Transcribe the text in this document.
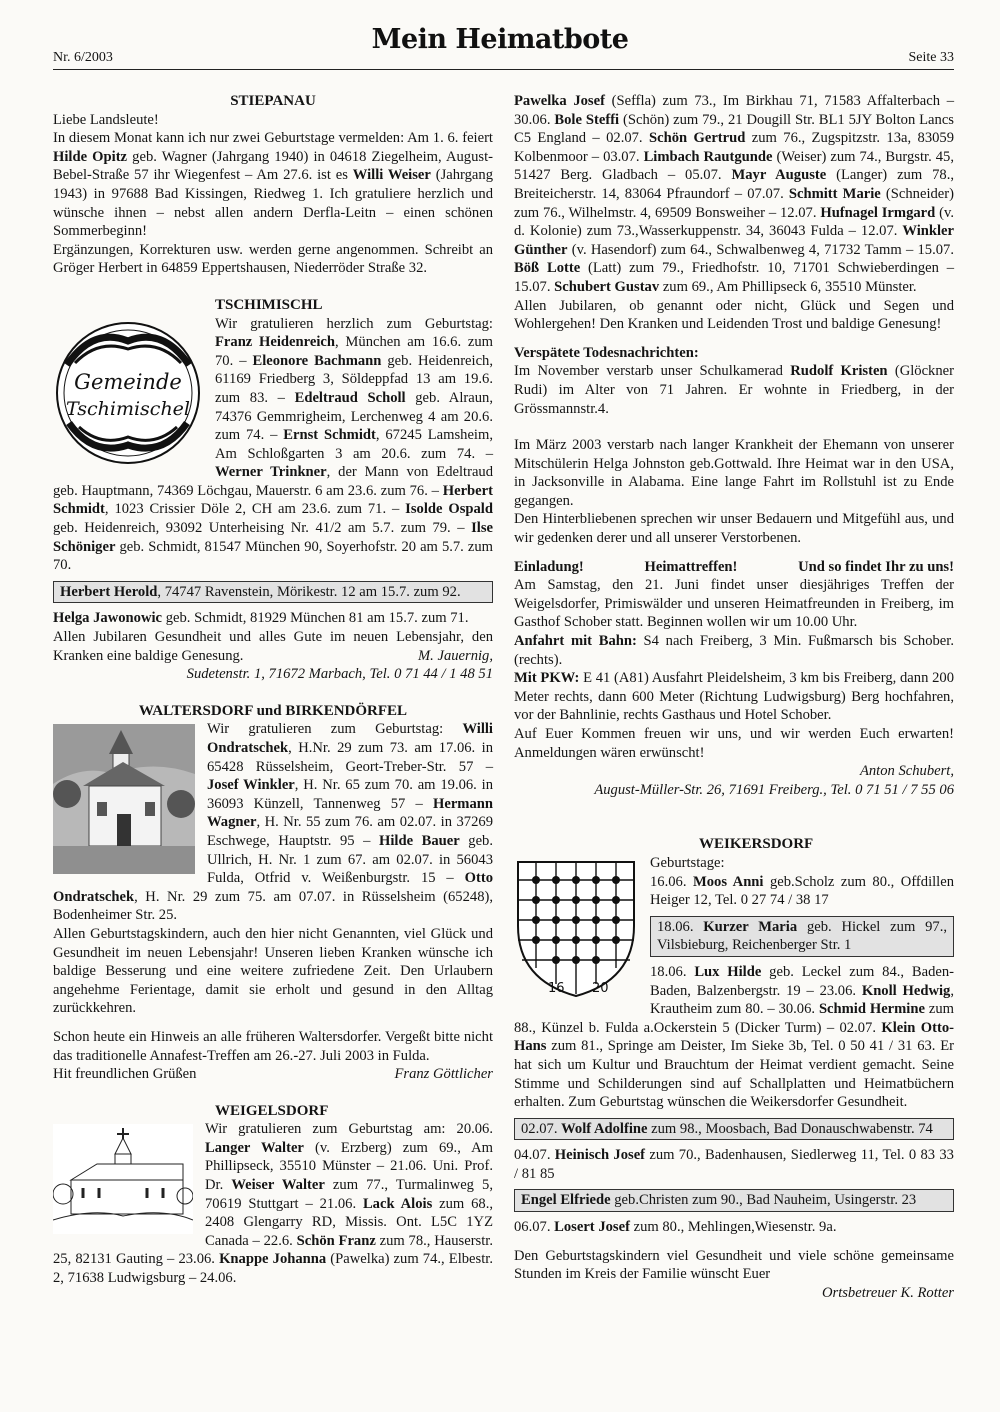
Nr. 6/2003
Mein Heimatbote
Seite 33

STIEPANAU

Liebe Landsleute!

In diesem Monat kann ich nur zwei Geburtstage vermelden: Am 1. 6. feiert Hilde Opitz geb. Wagner (Jahrgang 1940) in 04618 Ziegelheim, August-Bebel-Straße 57 ihr Wiegenfest – Am 27.6. ist es Willi Weiser (Jahrgang 1943) in 97688 Bad Kissingen, Riedweg 1. Ich gratuliere herzlich und wünsche ihnen – nebst allen andern Derfla-Leitn – einen schönen Sommerbeginn!

Ergänzungen, Korrekturen usw. werden gerne angenommen. Schreibt an Gröger Herbert in 64859 Eppertshausen, Niederröder Straße 32.

TSCHIMISCHL

Gemeinde
Tschimischel

Wir gratulieren herzlich zum Geburtstag: Franz Heidenreich, München am 16.6. zum 70. – Eleonore Bachmann geb. Heidenreich, 61169 Friedberg 3, Söldерpfad 13 am 19.6. zum 83. – Edeltraud Scholl geb. Alraun, 74376 Gemmrigheim, Lerchenweg 4 am 20.6. zum 74. – Ernst Schmidt, 67245 Lamsheim, Am Schloßgarten 3 am 20.6. zum 74. – Werner Trinkner, der Mann von Edeltraud geb. Hauptmann, 74369 Löchgau, Mauerstr. 6 am 23.6. zum 76. – Herbert Schmidt, 1023 Crissier Döle 2, CH am 23.6. zum 71. – Isolde Ospald geb. Heidenreich, 93092 Unterheising Nr. 41/2 am 5.7. zum 79. – Ilse Schöniger geb. Schmidt, 81547 München 90, Soyerhofstr. 20 am 5.7. zum 70.

Herbert Herold, 74747 Ravenstein, Mörikestr. 12 am 15.7. zum 92.

Helga Jawonowic geb. Schmidt, 81929 München 81 am 15.7. zum 71.

Allen Jubilaren Gesundheit und alles Gute im neuen Lebensjahr, den Kranken eine baldige Genesung.	M. Jauernig,

Sudetenstr. 1, 71672 Marbach, Tel. 0 71 44 / 1 48 51

WALTERSDORF und BIRKENDÖRFEL

Wir gratulieren zum Geburtstag: Willi Ondratschek, H.Nr. 29 zum 73. am 17.06. in 65428 Rüsselsheim, Geort-Treber-Str. 57 – Josef Winkler, H. Nr. 65 zum 70. am 19.06. in 36093 Künzell, Tannenweg 57 – Hermann Wagner, H. Nr. 55 zum 76. am 02.07. in 37269 Eschwege, Hauptstr. 95 – Hilde Bauer geb. Ullrich, H. Nr. 1 zum 67. am 02.07. in 56043 Fulda, Otfrid v. Weißenburgstr. 15 – Otto Ondratschek, H. Nr. 29 zum 75. am 07.07. in Rüsselsheim (65248), Bodenheimer Str. 25.

Allen Geburtstagskindern, auch den hier nicht Genannten, viel Glück und Gesundheit im neuen Lebensjahr! Unseren lieben Kranken wünsche ich baldige Besserung und eine weitere zufriedene Zeit. Den Urlaubern angehehme Ferientage, damit sie erholt und gesund in den Alltag zurückkehren.

Schon heute ein Hinweis an alle früheren Waltersdorfer. Vergeßt bitte nicht das traditionelle Annafest-Treffen am 26.-27. Juli 2003 in Fulda.

Hit freundlichen Grüßen	Franz Göttlicher

WEIGELSDORF

Wir gratulieren zum Geburtstag am: 20.06. Langer Walter (v. Erzberg) zum 69., Am Phillipseck, 35510 Münster – 21.06. Uni. Prof. Dr. Weiser Walter zum 77., Turmalinweg 5, 70619 Stuttgart – 21.06. Lack Alois zum 68., 2408 Glengarry RD, Missis. Ont. L5C 1YZ Canada – 22.6. Schön Franz zum 78., Hauserstr. 25, 82131 Gauting – 23.06. Knappe Johanna (Pawelka) zum 74., Elbestr. 2, 71638 Ludwigsburg – 24.06.

Pawelka Josef (Seffla) zum 73., Im Birkhau 71, 71583 Affalterbach – 30.06. Bole Steffi (Schön) zum 79., 21 Dougill Str. BL1 5JY Bolton Lancs C5 England – 02.07. Schön Gertrud zum 76., Zugspitzstr. 13a, 83059 Kolbenmoor – 03.07. Limbach Rautgunde (Weiser) zum 74., Burgstr. 45, 51427 Berg. Gladbach – 05.07. Mayr Auguste (Langer) zum 78., Breitеicherstr. 14, 83064 Pfraundorf – 07.07. Schmitt Marie (Schneider) zum 76., Wilhelmstr. 4, 69509 Bonsweiher – 12.07. Hufnagel Irmgard (v. d. Kolonie) zum 73.,Wasserkuppenstr. 34, 36043 Fulda – 12.07. Winkler Günther (v. Hasendorf) zum 64., Schwalbenweg 4, 71732 Tamm – 15.07. Böß Lotte (Latt) zum 79., Friedhofstr. 10, 71701 Schwieberdingen – 15.07. Schubert Gustav zum 69., Am Phillipseck 6, 35510 Münster.

Allen Jubilaren, ob genannt oder nicht, Glück und Segen und Wohlergehen! Den Kranken und Leidenden Trost und baldige Genesung!

Verspätete Todesnachrichten:

Im November verstarb unser Schulkamerad Rudolf Kristen (Glöckner Rudi) im Alter von 71 Jahren. Er wohnte in Friedberg, in der Grössmannstr.4.

Im März 2003 verstarb nach langer Krankheit der Ehemann von unserer Mitschülerin Helga Johnston geb.Gottwald. Ihre Heimat war in den USA, in Jacksonville in Alabama. Eine lange Fahrt im Rollstuhl ist zu Ende gegangen.

Den Hinterbliebenen sprechen wir unser Bedauern und Mitgefühl aus, und wir gedenken derer und all unserer Verstorbenen.

Einladung!	Heimattreffen!	Und so findet Ihr zu uns!

Am Samstag, den 21. Juni findet unser diesjähriges Treffen der Weigelsdorfer, Primiswälder und unseren Heimatfreunden in Freiberg, im Gasthof Schober statt. Beginnen wollen wir um 10.00 Uhr.

Anfahrt mit Bahn: S4 nach Freiberg, 3 Min. Fußmarsch bis Schober. (rechts).

Mit PKW: E 41 (A81) Ausfahrt Pleidelsheim, 3 km bis Freiberg, dann 200 Meter rechts, dann 600 Meter (Richtung Ludwigsburg) Berg hochfahren, vor der Bahnlinie, rechts Gasthaus und Hotel Schober.

Auf Euer Kommen freuen wir uns, und wir werden Euch erwarten! Anmeldungen wären erwünscht!

Anton Schubert,

August-Müller-Str. 26, 71691 Freiberg., Tel. 0 71 51 / 7 55 06

WEIKERSDORF

16 20

Geburtstage:

16.06. Moos Anni geb.Scholz zum 80., Offdillen Heiger 12, Tel. 0 27 74 / 38 17

18.06. Kurzer Maria geb. Hickel zum 97., Vilsbieburg, Reichenberger Str. 1

18.06. Lux Hilde geb. Leckel zum 84., Baden-Baden, Balzenbergstr. 19 – 23.06. Knoll Hedwig, Krautheim zum 80. – 30.06. Schmid Hermine zum 88., Künzel b. Fulda a.Ockerstein 5 (Dicker Turm) – 02.07. Klein Otto-Hans zum 81., Springe am Deister, Im Sieke 3b, Tel. 0 50 41 / 31 63. Er hat sich um Kultur und Brauchtum der Heimat verdient gemacht. Seine Stimme und Schilderungen sind auf Schallplatten und Heimatbüchern erhalten. Zum Geburtstag wünschen die Weikersdorfer Gesundheit.

02.07. Wolf Adolfine zum 98., Moosbach, Bad Donauschwabenstr. 74

04.07. Heinisch Josef zum 70., Badenhausen, Siedlerweg 11, Tel. 0 83 33 / 81 85

Engel Elfriede geb.Christen zum 90., Bad Nauheim, Usingerstr. 23

06.07. Losert Josef zum 80., Mehlingen,Wiesenstr. 9a.

Den Geburtstagskindern viel Gesundheit und viele schöne gemeinsame Stunden im Kreis der Familie wünscht Euer

Ortsbetreuer K. Rotter
